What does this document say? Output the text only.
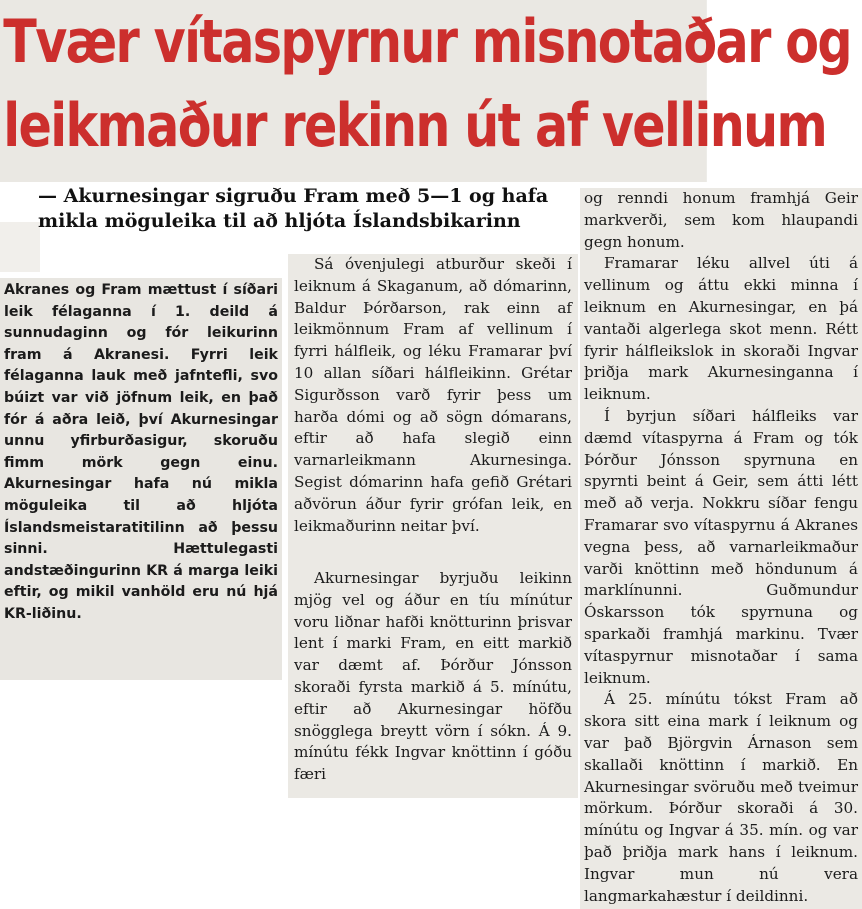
Tvær vítaspyrnur misnotaðar og
leikmaður rekinn út af vellinum
— Akurnesingar sigruðu Fram með 5—1 og hafa mikla möguleika til að hljóta Íslandsbikarinn

Akranes og Fram mættust í síðari leik félaganna í 1. deild á sunnudaginn og fór leikurinn fram á Akranesi. Fyrri leik félaganna lauk með jafntefli, svo búizt var við jöfnum leik, en það fór á aðra leið, því Akurnesingar unnu yfirburðasigur, skoruðu fimm mörk gegn einu. Akurnesingar hafa nú mikla möguleika til að hljóta Íslandsmeistaratitilinn að þessu sinni. Hættulegasti andstæðingurinn KR á marga leiki eftir, og mikil vanhöld eru nú hjá KR-liðinu.

Sá óvenjulegi atburður skeði í leiknum á Skaganum, að dómarinn, Baldur Þórðarson, rak einn af leikmönnum Fram af vellinum í fyrri hálfleik, og léku Framarar því 10 allan síðari hálfleikinn. Grétar Sigurðsson varð fyrir þess um harða dómi og að sögn dómarans, eftir að hafa slegið einn varnarleikmann Akurnesinga. Segist dómarinn hafa gefið Grétari aðvörun áður fyrir grófan leik, en leikmaðurinn neitar því.

Akurnesingar byrjuðu leikinn mjög vel og áður en tíu mínútur voru liðnar hafði knötturinn þrisvar lent í marki Fram, en eitt markið var dæmt af. Þórður Jónsson skoraði fyrsta markið á 5. mínútu, eftir að Akurnesingar höfðu snögglega breytt vörn í sókn. Á 9. mínútu fékk Ingvar knöttinn í góðu færi

og renndi honum framhjá Geir markverði, sem kom hlaupandi gegn honum.

Framarar léku allvel úti á vellinum og áttu ekki minna í leiknum en Akurnesingar, en þá vantaði algerlega skot menn. Rétt fyrir hálfleikslok in skoraði Ingvar þriðja mark Akurnesinganna í leiknum.

Í byrjun síðari hálfleiks var dæmd vítaspyrna á Fram og tók Þórður Jónsson spyrnuna en spyrnti beint á Geir, sem átti létt með að verja. Nokkru síðar fengu Framarar svo vítaspyrnu á Akranes vegna þess, að varnarleikmaður varði knöttinn með höndunum á marklínunni. Guðmundur Óskarsson tók spyrnuna og sparkaði framhjá markinu. Tvær vítaspyrnur misnotaðar í sama leiknum.

Á 25. mínútu tókst Fram að skora sitt eina mark í leiknum og var það Björgvin Árnason sem skallaði knöttinn í markið. En Akurnesingar svöruðu með tveimur mörkum. Þórður skoraði á 30. mínútu og Ingvar á 35. mín. og var það þriðja mark hans í leiknum. Ingvar mun nú vera langmarkahæstur í deildinni.
